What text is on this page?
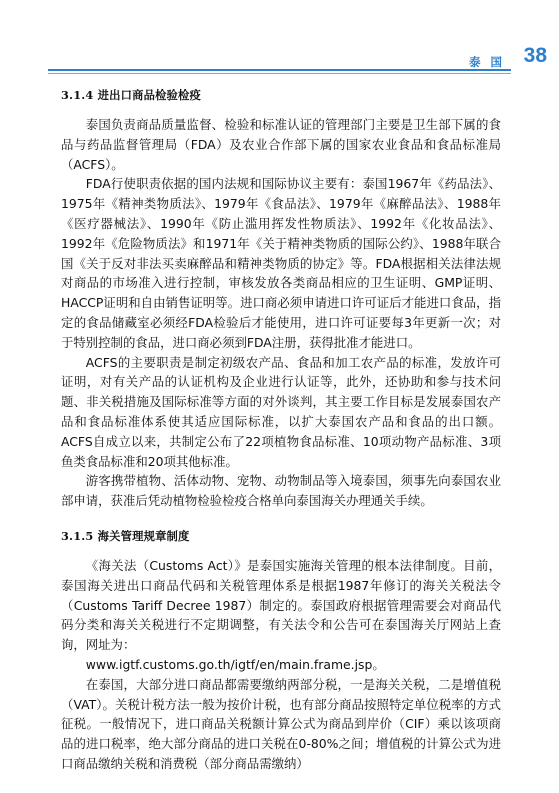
泰 国 38
3.1.4 进出口商品检验检疫

泰国负责商品质量监督、检验和标准认证的管理部门主要是卫生部下属的食品与药品监督管理局（FDA）及农业合作部下属的国家农业食品和食品标准局（ACFS）。

FDA行使职责依据的国内法规和国际协议主要有：泰国1967年《药品法》、1975年《精神类物质法》、1979年《食品法》、1979年《麻醉品法》、1988年《医疗器械法》、1990年《防止滥用挥发性物质法》、1992年《化妆品法》、1992年《危险物质法》和1971年《关于精神类物质的国际公约》、1988年联合国《关于反对非法买卖麻醉品和精神类物质的协定》等。FDA根据相关法律法规对商品的市场准入进行控制，审核发放各类商品相应的卫生证明、GMP证明、HACCP证明和自由销售证明等。进口商必须申请进口许可证后才能进口食品，指定的食品储藏室必须经FDA检验后才能使用，进口许可证要每3年更新一次；对于特别控制的食品，进口商必须到FDA注册，获得批准才能进口。

ACFS的主要职责是制定初级农产品、食品和加工农产品的标准，发放许可证明，对有关产品的认证机构及企业进行认证等，此外，还协助和参与技术问题、非关税措施及国际标准等方面的对外谈判，其主要工作目标是发展泰国农产品和食品标准体系使其适应国际标准，以扩大泰国农产品和食品的出口额。ACFS自成立以来，共制定公布了22项植物食品标准、10项动物产品标准、3项鱼类食品标准和20项其他标准。

游客携带植物、活体动物、宠物、动物制品等入境泰国，须事先向泰国农业部申请，获准后凭动植物检验检疫合格单向泰国海关办理通关手续。

3.1.5 海关管理规章制度

《海关法（Customs Act）》是泰国实施海关管理的根本法律制度。目前，泰国海关进出口商品代码和关税管理体系是根据1987年修订的海关关税法令（Customs Tariff Decree 1987）制定的。泰国政府根据管理需要会对商品代码分类和海关关税进行不定期调整，有关法令和公告可在泰国海关厅网站上查询，网址为：

www.igtf.customs.go.th/igtf/en/main.frame.jsp。

在泰国，大部分进口商品都需要缴纳两部分税，一是海关关税，二是增值税（VAT）。关税计税方法一般为按价计税，也有部分商品按照特定单位税率的方式征税。一般情况下，进口商品关税额计算公式为商品到岸价（CIF）乘以该项商品的进口税率，绝大部分商品的进口关税在0-80%之间；增值税的计算公式为进口商品缴纳关税和消费税（部分商品需缴纳）
